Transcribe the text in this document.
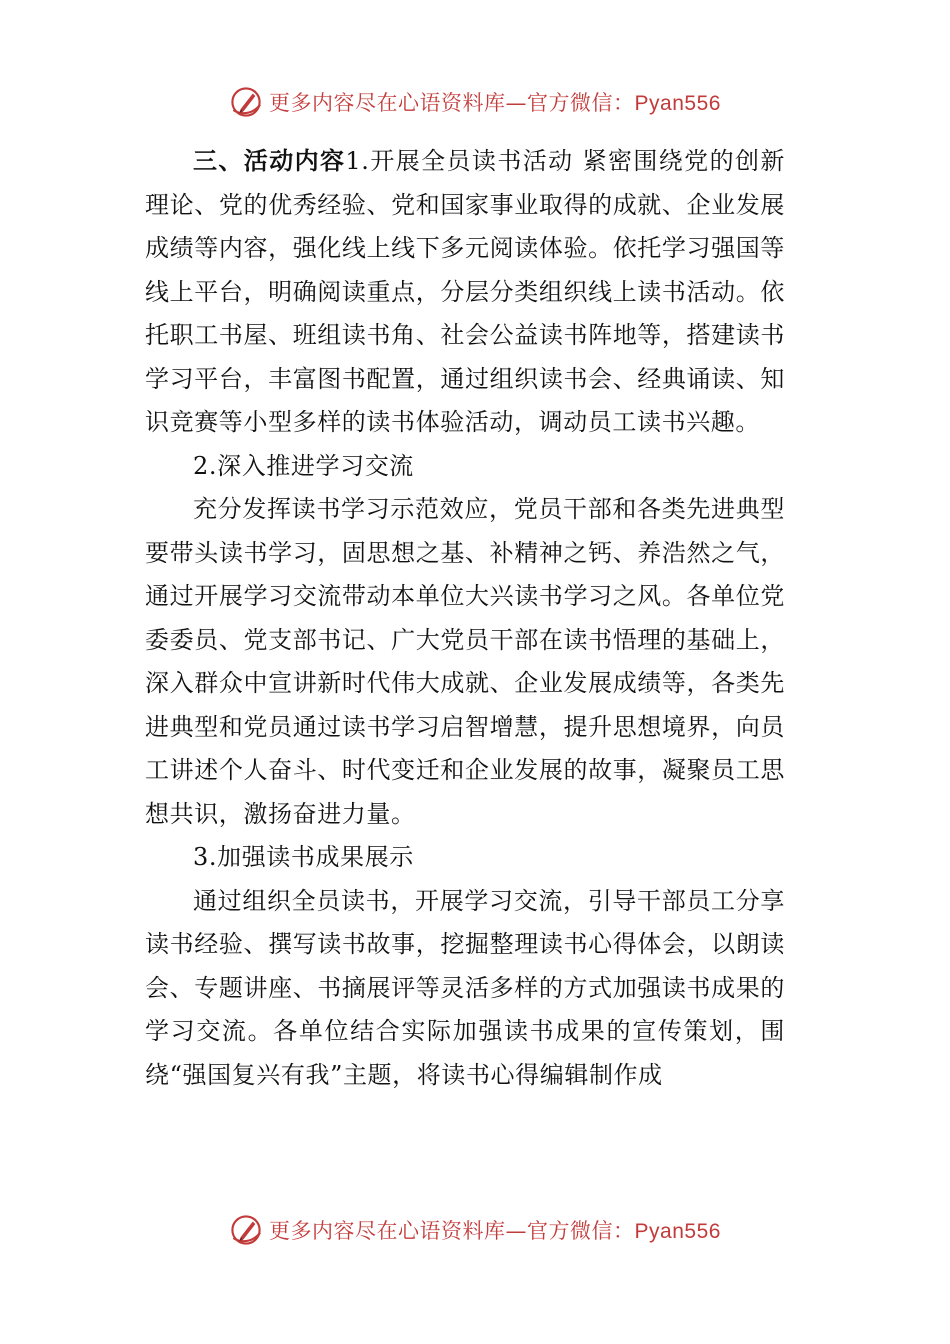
更多内容尽在心语资料库—官方微信：Pyan556

三、活动内容1.开展全员读书活动 紧密围绕党的创新理论、党的优秀经验、党和国家事业取得的成就、企业发展成绩等内容，强化线上线下多元阅读体验。依托学习强国等线上平台，明确阅读重点，分层分类组织线上读书活动。依托职工书屋、班组读书角、社会公益读书阵地等，搭建读书学习平台，丰富图书配置，通过组织读书会、经典诵读、知识竞赛等小型多样的读书体验活动，调动员工读书兴趣。

2.深入推进学习交流

充分发挥读书学习示范效应，党员干部和各类先进典型要带头读书学习，固思想之基、补精神之钙、养浩然之气，通过开展学习交流带动本单位大兴读书学习之风。各单位党委委员、党支部书记、广大党员干部在读书悟理的基础上，深入群众中宣讲新时代伟大成就、企业发展成绩等，各类先进典型和党员通过读书学习启智增慧，提升思想境界，向员工讲述个人奋斗、时代变迁和企业发展的故事，凝聚员工思想共识，激扬奋进力量。

3.加强读书成果展示

通过组织全员读书，开展学习交流，引导干部员工分享读书经验、撰写读书故事，挖掘整理读书心得体会，以朗读会、专题讲座、书摘展评等灵活多样的方式加强读书成果的学习交流。各单位结合实际加强读书成果的宣传策划，围绕“强国复兴有我”主题，将读书心得编辑制作成

更多内容尽在心语资料库—官方微信：Pyan556
